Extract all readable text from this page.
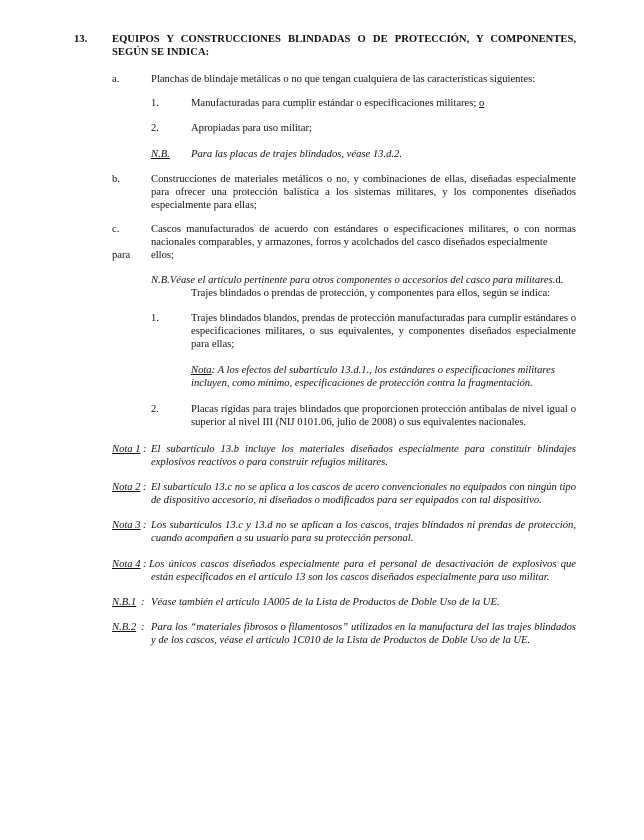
13. EQUIPOS Y CONSTRUCCIONES BLINDADAS O DE PROTECCIÓN, Y COMPONENTES, SEGÚN SE INDICA:
a.	Planchas de blindaje metálicas o no que tengan cualquiera de las características siguientes:
1.	Manufacturadas para cumplir estándar o especificaciones militares; o
2.	Apropiadas para uso militar;
N.B. Para las placas de trajes blindados, véase 13.d.2.
b.	Construcciones de materiales metálicos o no, y combinaciones de ellas, diseñadas especialmente para ofrecer una protección balística a los sistemas militares, y los componentes diseñados especialmente para ellas;
c.	Cascos manufacturados de acuerdo con estándares o especificaciones militares, o con normas nacionales comparables, y armazones, forros y acolchados del casco diseñados especialmente
para ellos;
N.B.Véase el artículo pertinente para otros componentes o accesorios del casco para militares.d.
Trajes blindados o prendas de protección, y componentes para ellos, según se indica:
1.	Trajes blindados blandos, prendas de protección manufacturadas para cumplir estándares o especificaciones militares, o sus equivalentes, y componentes diseñados especialmente para ellas;
Nota: A los efectos del subartículo 13.d.1., los estándares o especificaciones militares incluyen, como mínimo, especificaciones de protección contra la fragmentación.
2.	Placas rígidas para trajes blindados que proporcionen protección antibalas de nivel igual o superior al nivel III (NIJ 0101.06, julio de 2008) o sus equivalentes nacionales.
Nota 1 : El subartículo 13.b incluye los materiales diseñados especialmente para constituir blindajes explosivos reactivos o para construir refugios militares.
Nota 2 : El subartículo 13.c no se aplica a los cascos de acero convencionales no equipados con ningún tipo de dispositivo accesorio, ni diseñados o modificados para ser equipados con tal dispositivo.
Nota 3 : Los subartículos 13.c y 13.d no se aplican a los cascos, trajes blindados ni prendas de protección, cuando acompañen a su usuario para su protección personal.
Nota 4 : Los únicos cascos diseñados especialmente para el personal de desactivación de explosivos que están especificados en el artículo 13 son los cascos diseñados especialmente para uso militar.
N.B.1 : Véase también el artículo 1A005 de la Lista de Productos de Doble Uso de la UE.
N.B.2 : Para los “materiales fibrosos o filamentosos” utilizados en la manufactura del las trajes blindados y de los cascos, véase el artículo 1C010 de la Lista de Productos de Doble Uso de la UE.
